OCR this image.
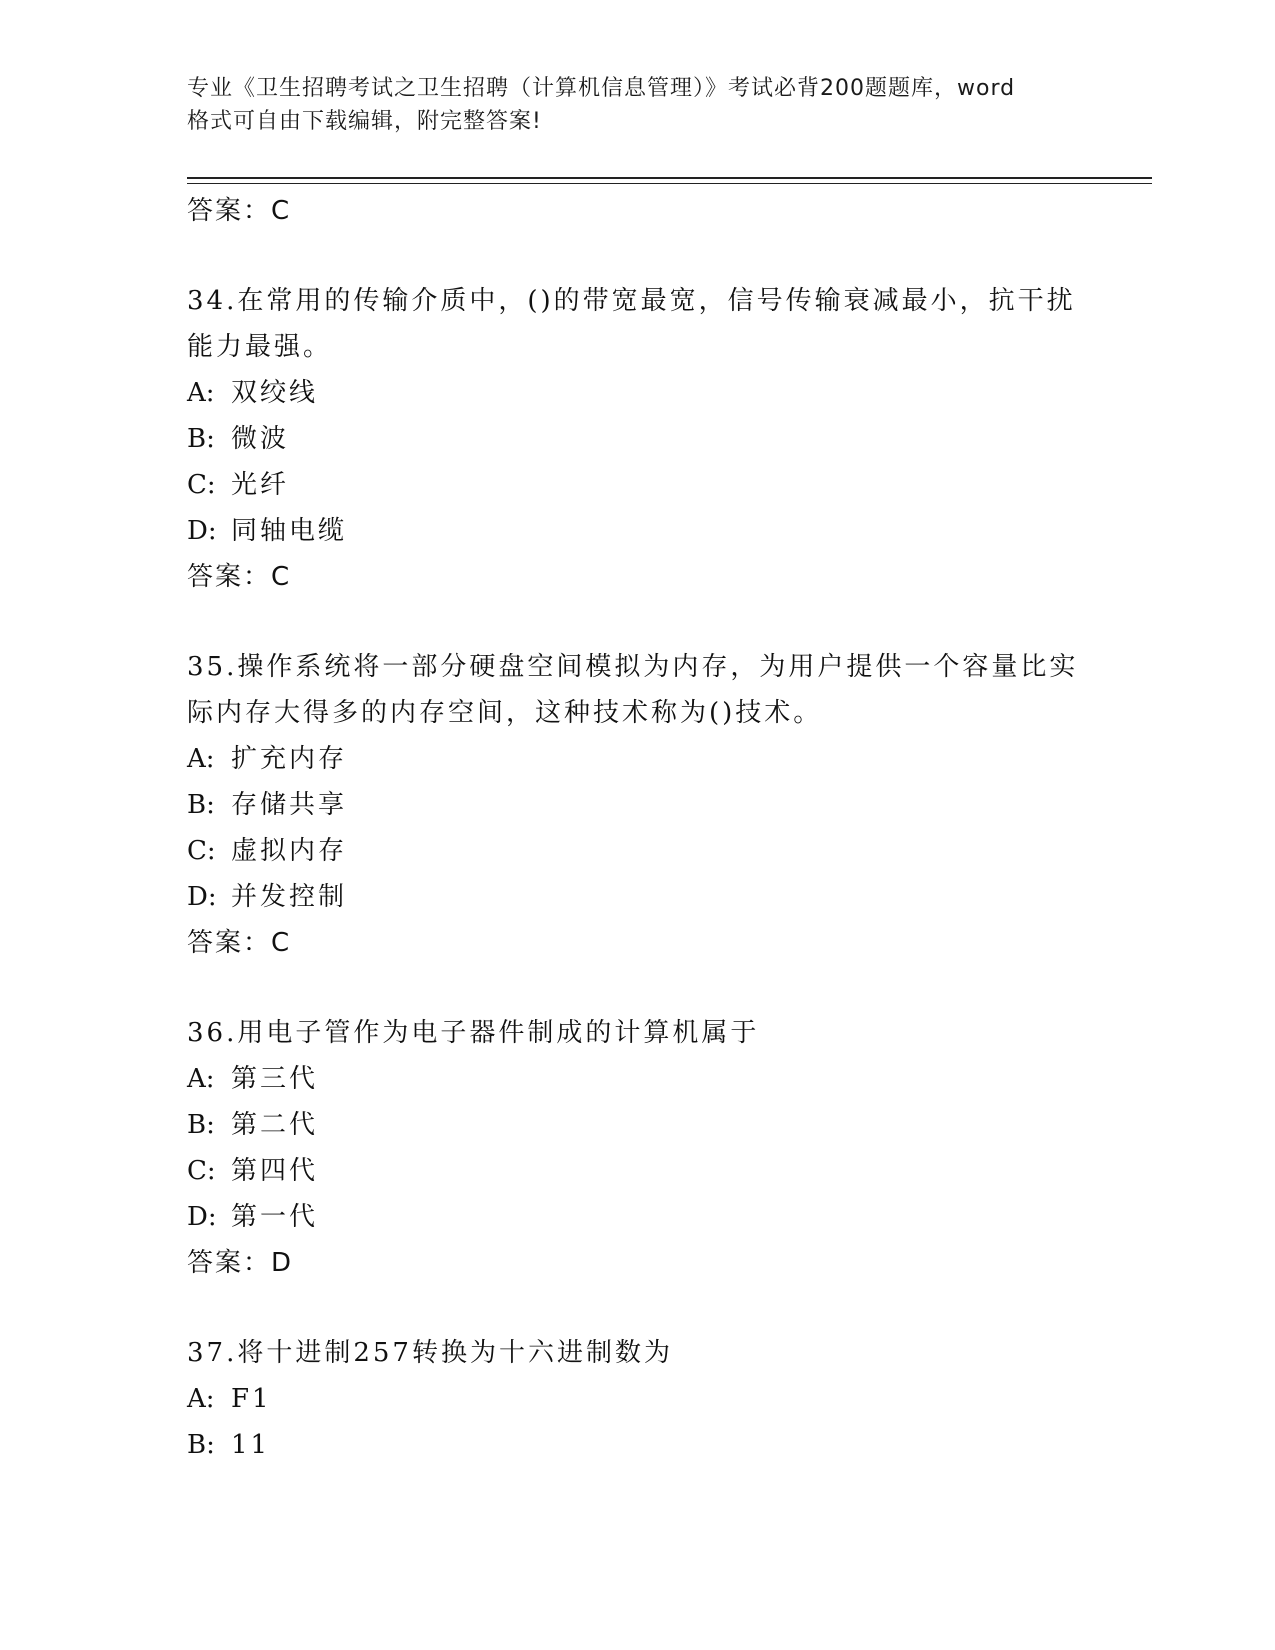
专业《卫生招聘考试之卫生招聘（计算机信息管理）》考试必背200题题库，word
格式可自由下载编辑，附完整答案!
答案：C
34.在常用的传输介质中，()的带宽最宽，信号传输衰减最小，抗干扰
能力最强。
A: 双绞线
B: 微波
C: 光纤
D: 同轴电缆
答案：C
35.操作系统将一部分硬盘空间模拟为内存，为用户提供一个容量比实
际内存大得多的内存空间，这种技术称为()技术。
A: 扩充内存
B: 存储共享
C: 虚拟内存
D: 并发控制
答案：C
36.用电子管作为电子器件制成的计算机属于
A: 第三代
B: 第二代
C: 第四代
D: 第一代
答案：D
37.将十进制257转换为十六进制数为
A: F1
B: 11
